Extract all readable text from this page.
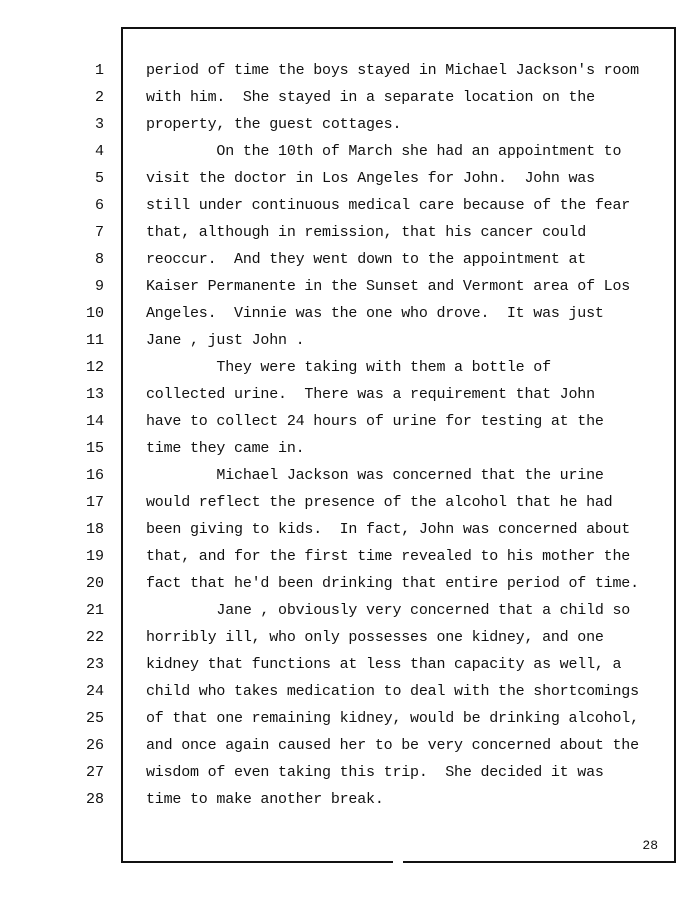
1
2
3
4
5
6
7
8
9
10
11
12
13
14
15
16
17
18
19
20
21
22
23
24
25
26
27
28
period of time the boys stayed in Michael Jackson's room
with him.  She stayed in a separate location on the
property, the guest cottages.
On the 10th of March she had an appointment to
visit the doctor in Los Angeles for John.  John was
still under continuous medical care because of the fear
that, although in remission, that his cancer could
reoccur.  And they went down to the appointment at
Kaiser Permanente in the Sunset and Vermont area of Los
Angeles.  Vinnie was the one who drove.  It was just
Jane , just John .
They were taking with them a bottle of
collected urine.  There was a requirement that John
have to collect 24 hours of urine for testing at the
time they came in.
Michael Jackson was concerned that the urine
would reflect the presence of the alcohol that he had
been giving to kids.  In fact, John was concerned about
that, and for the first time revealed to his mother the
fact that he'd been drinking that entire period of time.
Jane , obviously very concerned that a child so
horribly ill, who only possesses one kidney, and one
kidney that functions at less than capacity as well, a
child who takes medication to deal with the shortcomings
of that one remaining kidney, would be drinking alcohol,
and once again caused her to be very concerned about the
wisdom of even taking this trip.  She decided it was
time to make another break.
28
